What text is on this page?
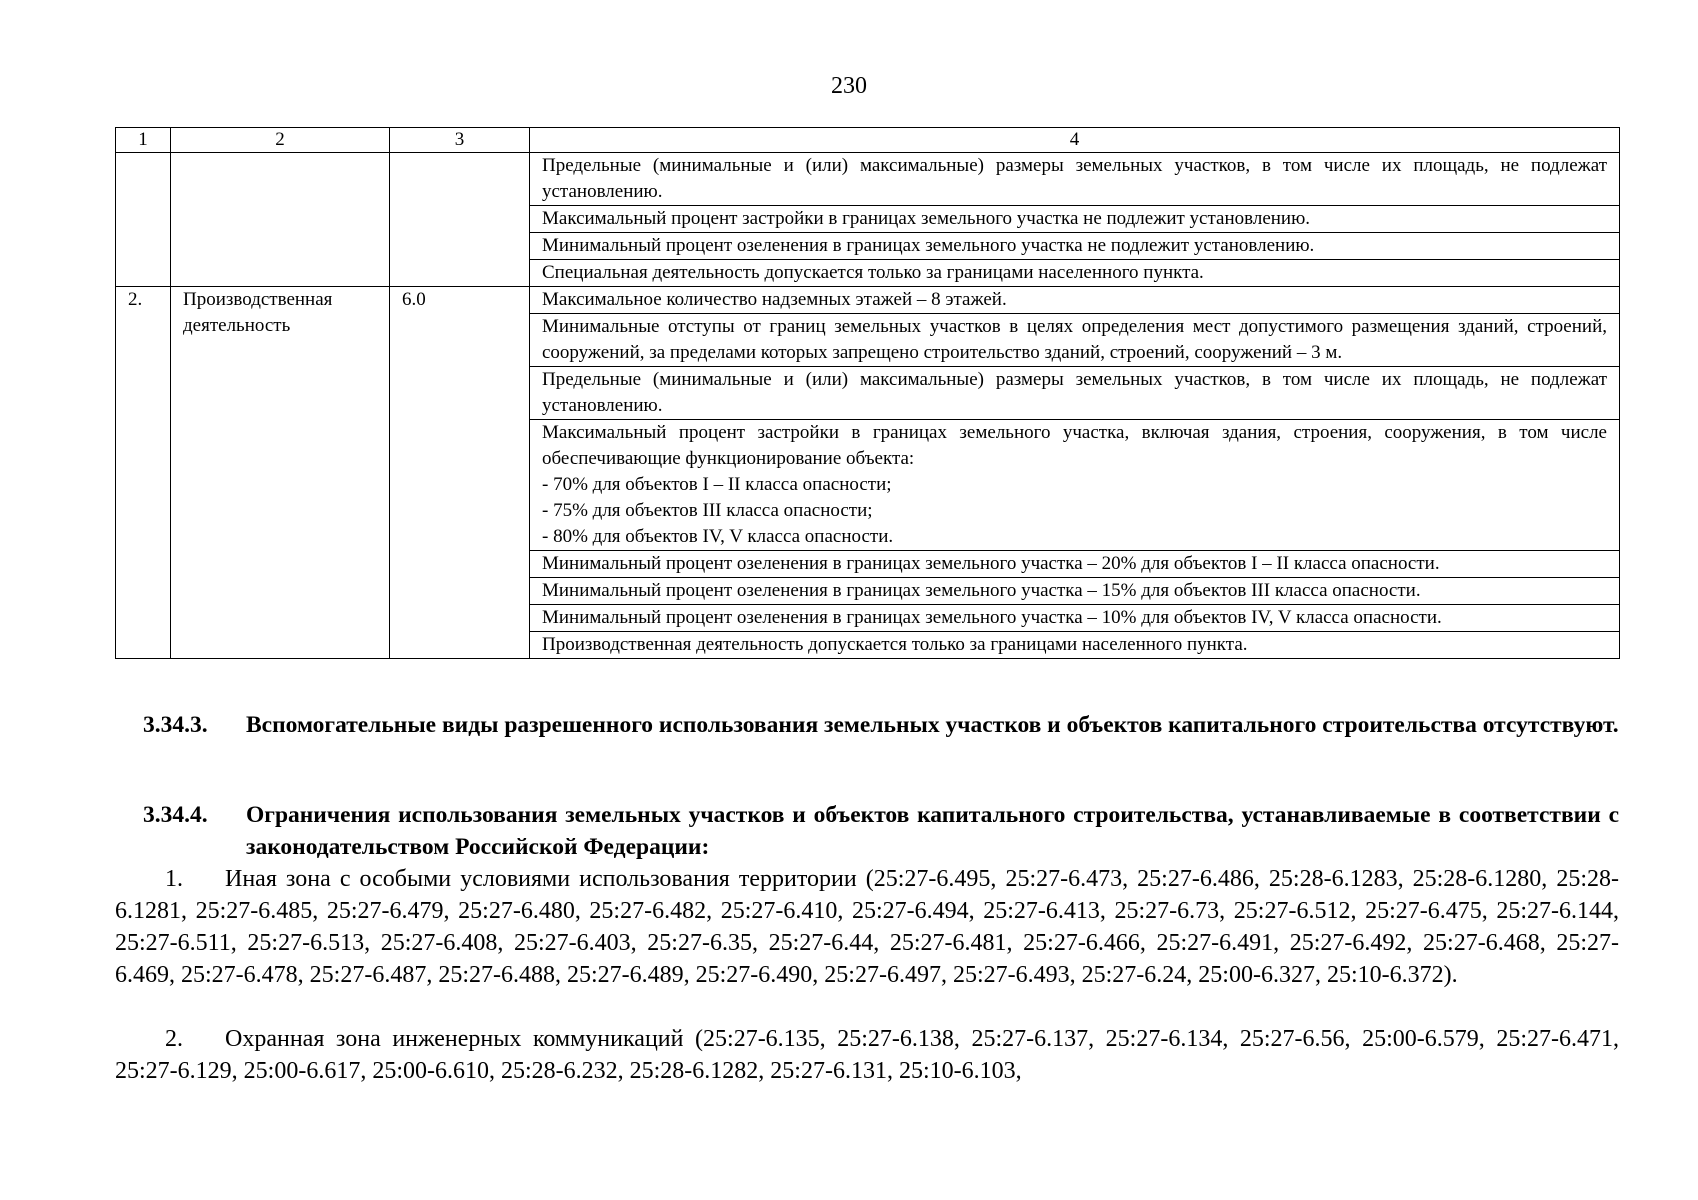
230
1	2	3	4
			Предельные (минимальные и (или) максимальные) размеры земельных участков, в том числе их площадь, не подлежат установлению.
			Максимальный процент застройки в границах земельного участка не подлежит установлению.
			Минимальный процент озеленения в границах земельного участка не подлежит установлению.
			Специальная деятельность допускается только за границами населенного пункта.
2.	Производственная деятельность	6.0	Максимальное количество надземных этажей – 8 этажей.
			Минимальные отступы от границ земельных участков в целях определения мест допустимого размещения зданий, строений, сооружений, за пределами которых запрещено строительство зданий, строений, сооружений – 3 м.
			Предельные (минимальные и (или) максимальные) размеры земельных участков, в том числе их площадь, не подлежат установлению.

			Максимальный процент застройки в границах земельного участка, включая здания, строения, сооружения, в том числе обеспечивающие функционирование объекта:
- 70% для объектов I – II класса опасности;
- 75% для объектов III класса опасности;
- 80% для объектов IV, V класса опасности.

			Минимальный процент озеленения в границах земельного участка – 20% для объектов I – II класса опасности.
			Минимальный процент озеленения в границах земельного участка – 15% для объектов III класса опасности.
			Минимальный процент озеленения в границах земельного участка – 10% для объектов IV, V класса опасности.
			Производственная деятельность допускается только за границами населенного пункта.
3.34.3. Вспомогательные виды разрешенного использования земельных участков и объектов капитального строительства отсутствуют.
3.34.4. Ограничения использования земельных участков и объектов капитального строительства, устанавливаемые в соответствии с законодательством Российской Федерации:
1. Иная зона с особыми условиями использования территории (25:27-6.495, 25:27-6.473, 25:27-6.486, 25:28-6.1283, 25:28-6.1280, 25:28-6.1281, 25:27-6.485, 25:27-6.479, 25:27-6.480, 25:27-6.482, 25:27-6.410, 25:27-6.494, 25:27-6.413, 25:27-6.73, 25:27-6.512, 25:27-6.475, 25:27-6.144, 25:27-6.511, 25:27-6.513, 25:27-6.408, 25:27-6.403, 25:27-6.35, 25:27-6.44, 25:27-6.481, 25:27-6.466, 25:27-6.491, 25:27-6.492, 25:27-6.468, 25:27-6.469, 25:27-6.478, 25:27-6.487, 25:27-6.488, 25:27-6.489, 25:27-6.490, 25:27-6.497, 25:27-6.493, 25:27-6.24, 25:00-6.327, 25:10-6.372).
2. Охранная зона инженерных коммуникаций (25:27-6.135, 25:27-6.138, 25:27-6.137, 25:27-6.134, 25:27-6.56, 25:00-6.579, 25:27-6.471, 25:27-6.129, 25:00-6.617, 25:00-6.610, 25:28-6.232, 25:28-6.1282, 25:27-6.131, 25:10-6.103,
